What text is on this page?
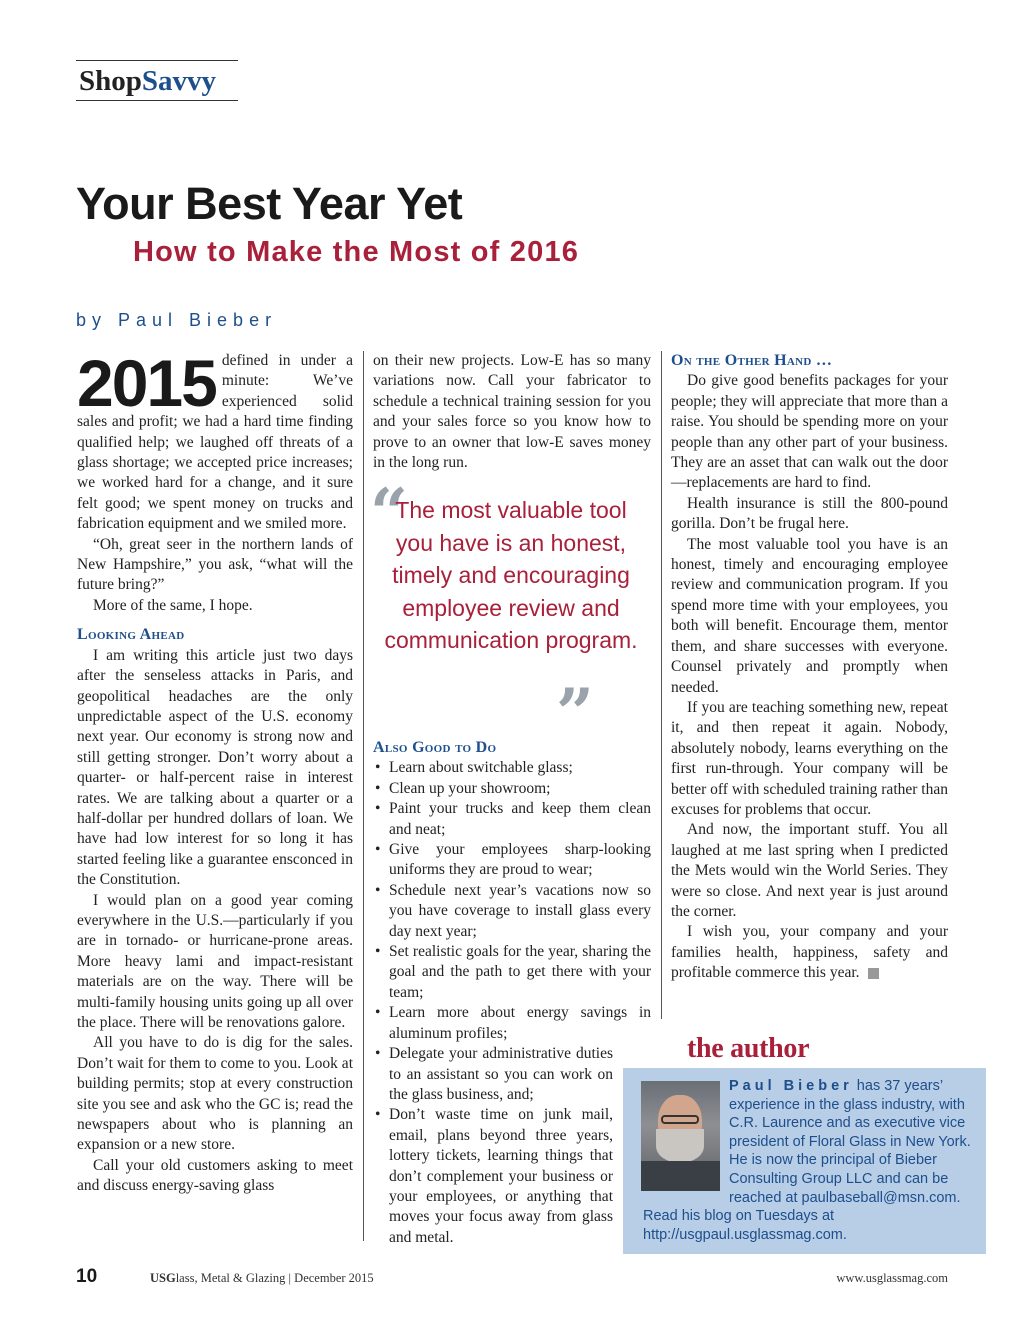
ShopSavvy
Your Best Year Yet
How to Make the Most of 2016
by Paul Bieber

2015 defined in under a minute: We’ve experienced solid sales and profit; we had a hard time finding qualified help; we laughed off threats of a glass shortage; we accepted price increases; we worked hard for a change, and it sure felt good; we spent money on trucks and fabrication equipment and we smiled more.

“Oh, great seer in the northern lands of New Hampshire,” you ask, “what will the future bring?”

More of the same, I hope.

Looking Ahead

I am writing this article just two days after the senseless attacks in Paris, and geopolitical headaches are the only unpredictable aspect of the U.S. economy next year. Our economy is strong now and still getting stronger. Don’t worry about a quarter- or half-percent raise in interest rates. We are talking about a quarter or a half-dollar per hundred dollars of loan. We have had low interest for so long it has started feeling like a guarantee ensconced in the Constitution.

I would plan on a good year coming everywhere in the U.S.—particularly if you are in tornado- or hurricane-prone areas. More heavy lami and impact-resistant materials are on the way. There will be multi-family housing units going up all over the place. There will be renovations galore.

All you have to do is dig for the sales. Don’t wait for them to come to you. Look at building permits; stop at every construction site you see and ask who the GC is; read the newspapers about who is planning an expansion or a new store.

Call your old customers asking to meet and discuss energy-saving glass

on their new projects. Low-E has so many variations now. Call your fabricator to schedule a technical training session for you and your sales force so you know how to prove to an owner that low-E saves money in the long run.

“
The most valuable tool you have is an honest, timely and encouraging employee review and communication program.
”
Also Good to Do
• Learn about switchable glass;
• Clean up your showroom;
• Paint your trucks and keep them clean and neat;
• Give your employees sharp-looking uniforms they are proud to wear;
• Schedule next year’s vacations now so you have coverage to install glass every day next year;
• Set realistic goals for the year, sharing the goal and the path to get there with your team;
• Learn more about energy savings in aluminum profiles;
• Delegate your administrative duties to an assistant so you can work on the glass business, and;
• Don’t waste time on junk mail, email, plans beyond three years, lottery tickets, learning things that don’t complement your business or your employees, or anything that moves your focus away from glass and metal.
On the Other Hand …

Do give good benefits packages for your people; they will appreciate that more than a raise. You should be spending more on your people than any other part of your business. They are an asset that can walk out the door—replacements are hard to find.

Health insurance is still the 800-pound gorilla. Don’t be frugal here.

The most valuable tool you have is an honest, timely and encouraging employee review and communication program. If you spend more time with your employees, you both will benefit. Encourage them, mentor them, and share successes with everyone. Counsel privately and promptly when needed.

If you are teaching something new, repeat it, and then repeat it again. Nobody, absolutely nobody, learns everything on the first run-through. Your company will be better off with scheduled training rather than excuses for problems that occur.

And now, the important stuff. You all laughed at me last spring when I predicted the Mets would win the World Series. They were so close. And next year is just around the corner.

I wish you, your company and your families health, happiness, safety and profitable commerce this year.

the author
Paul Bieber has 37 years’ experience in the glass industry, with C.R. Laurence and as executive vice president of Floral Glass in New York. He is now the principal of Bieber Consulting Group LLC and can be reached at paulbaseball@msn.com. Read his blog on Tuesdays at http://usgpaul.usglassmag.com.
10	USGlass, Metal & Glazing | December 2015	www.usglassmag.com
